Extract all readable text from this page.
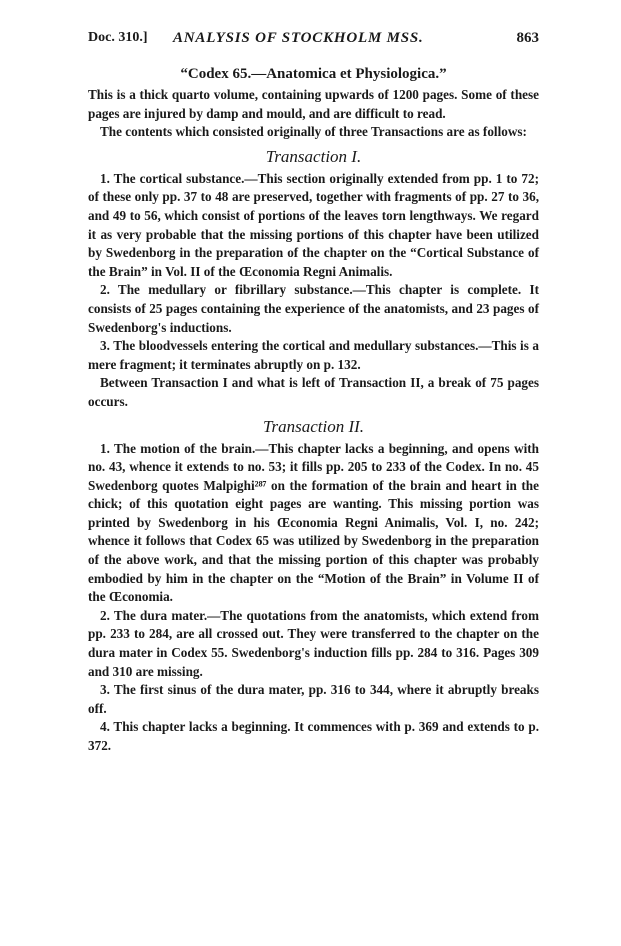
Doc. 310.] ANALYSIS OF STOCKHOLM MSS.	863
“Codex 65.—Anatomica et Physiologica.”

This is a thick quarto volume, containing upwards of 1200 pages. Some of these pages are injured by damp and mould, and are difficult to read.

The contents which consisted originally of three Transactions are as follows:

Transaction I.

1. The cortical substance.—This section originally extended from pp. 1 to 72; of these only pp. 37 to 48 are preserved, together with fragments of pp. 27 to 36, and 49 to 56, which consist of portions of the leaves torn lengthways. We regard it as very probable that the missing portions of this chapter have been utilized by Swedenborg in the preparation of the chapter on the “Cortical Substance of the Brain” in Vol. II of the Œconomia Regni Animalis.

2. The medullary or fibrillary substance.—This chapter is complete. It consists of 25 pages containing the experience of the anatomists, and 23 pages of Swedenborg's inductions.

3. The bloodvessels entering the cortical and medullary substances.—This is a mere fragment; it terminates abruptly on p. 132.

Between Transaction I and what is left of Transaction II, a break of 75 pages occurs.

Transaction II.

1. The motion of the brain.—This chapter lacks a beginning, and opens with no. 43, whence it extends to no. 53; it fills pp. 205 to 233 of the Codex. In no. 45 Swedenborg quotes Malpighi²⁸⁷ on the formation of the brain and heart in the chick; of this quotation eight pages are wanting. This missing portion was printed by Swedenborg in his Œconomia Regni Animalis, Vol. I, no. 242; whence it follows that Codex 65 was utilized by Swedenborg in the preparation of the above work, and that the missing portion of this chapter was probably embodied by him in the chapter on the “Motion of the Brain” in Volume II of the Œconomia.

2. The dura mater.—The quotations from the anatomists, which extend from pp. 233 to 284, are all crossed out. They were transferred to the chapter on the dura mater in Codex 55. Swedenborg's induction fills pp. 284 to 316. Pages 309 and 310 are missing.

3. The first sinus of the dura mater, pp. 316 to 344, where it abruptly breaks off.

4. This chapter lacks a beginning. It commences with p. 369 and extends to p. 372.
